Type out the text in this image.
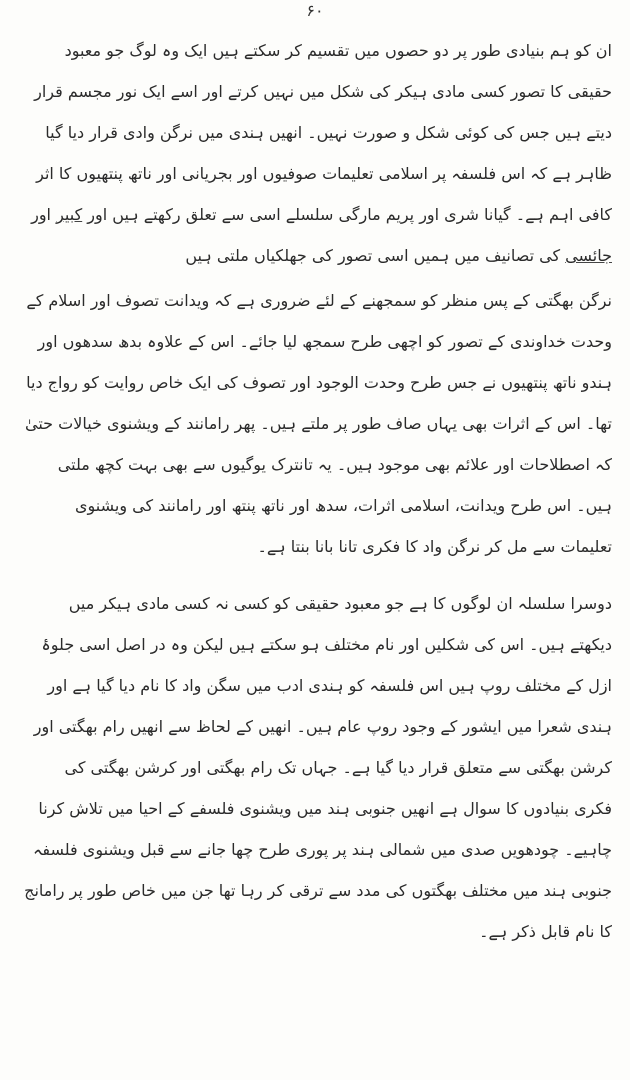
۶۰

ان کو ہم بنیادی طور پر دو حصوں میں تقسیم کر سکتے ہیں ایک وہ لوگ جو معبود حقیقی کا تصور کسی مادی ہیکر کی شکل میں نہیں کرتے اور اسے ایک نور مجسم قرار دیتے ہیں جس کی کوئی شکل و صورت نہیں۔ انھیں ہندی میں نرگن وادی قرار دیا گیا ظاہر ہے کہ اس فلسفہ پر اسلامی تعلیمات صوفیوں اور بجریانی اور ناتھ پنتھیوں کا اثر کافی اہم ہے۔ گیانا شری اور پریم مارگی سلسلے اسی سے تعلق رکھتے ہیں اور کبیر اور جائسی کی تصانیف میں ہمیں اسی تصور کی جھلکیاں ملتی ہیں

نرگن بھگتی کے پس منظر کو سمجھنے کے لئے ضروری ہے کہ ویدانت تصوف اور اسلام کے وحدت خداوندی کے تصور کو اچھی طرح سمجھ لیا جائے۔ اس کے علاوہ بدھ سدھوں اور ہندو ناتھ پنتھیوں نے جس طرح وحدت الوجود اور تصوف کی ایک خاص روایت کو رواج دیا تھا۔ اس کے اثرات بھی یہاں صاف طور پر ملتے ہیں۔ پھر رامانند کے ویشنوی خیالات حتیٰ کہ اصطلاحات اور علائم بھی موجود ہیں۔ یہ تانترک یوگیوں سے بھی بہت کچھ ملتی ہیں۔ اس طرح ویدانت، اسلامی اثرات، سدھ اور ناتھ پنتھ اور رامانند کی ویشنوی تعلیمات سے مل کر نرگن واد کا فکری تانا بانا بنتا ہے۔

دوسرا سلسلہ ان لوگوں کا ہے جو معبود حقیقی کو کسی نہ کسی مادی ہیکر میں دیکھتے ہیں۔ اس کی شکلیں اور نام مختلف ہو سکتے ہیں لیکن وہ در اصل اسی جلوۂ ازل کے مختلف روپ ہیں اس فلسفہ کو ہندی ادب میں سگن واد کا نام دیا گیا ہے اور ہندی شعرا میں ایشور کے وجود روپ عام ہیں۔ انھیں کے لحاظ سے انھیں رام بھگتی اور کرشن بھگتی سے متعلق قرار دیا گیا ہے۔ جہاں تک رام بھگتی اور کرشن بھگتی کی فکری بنیادوں کا سوال ہے انھیں جنوبی ہند میں ویشنوی فلسفے کے احیا میں تلاش کرنا چاہیے۔ چودھویں صدی میں شمالی ہند پر پوری طرح چھا جانے سے قبل ویشنوی فلسفہ جنوبی ہند میں مختلف بھگتوں کی مدد سے ترقی کر رہا تھا جن میں خاص طور پر رامانج کا نام قابل ذکر ہے۔
